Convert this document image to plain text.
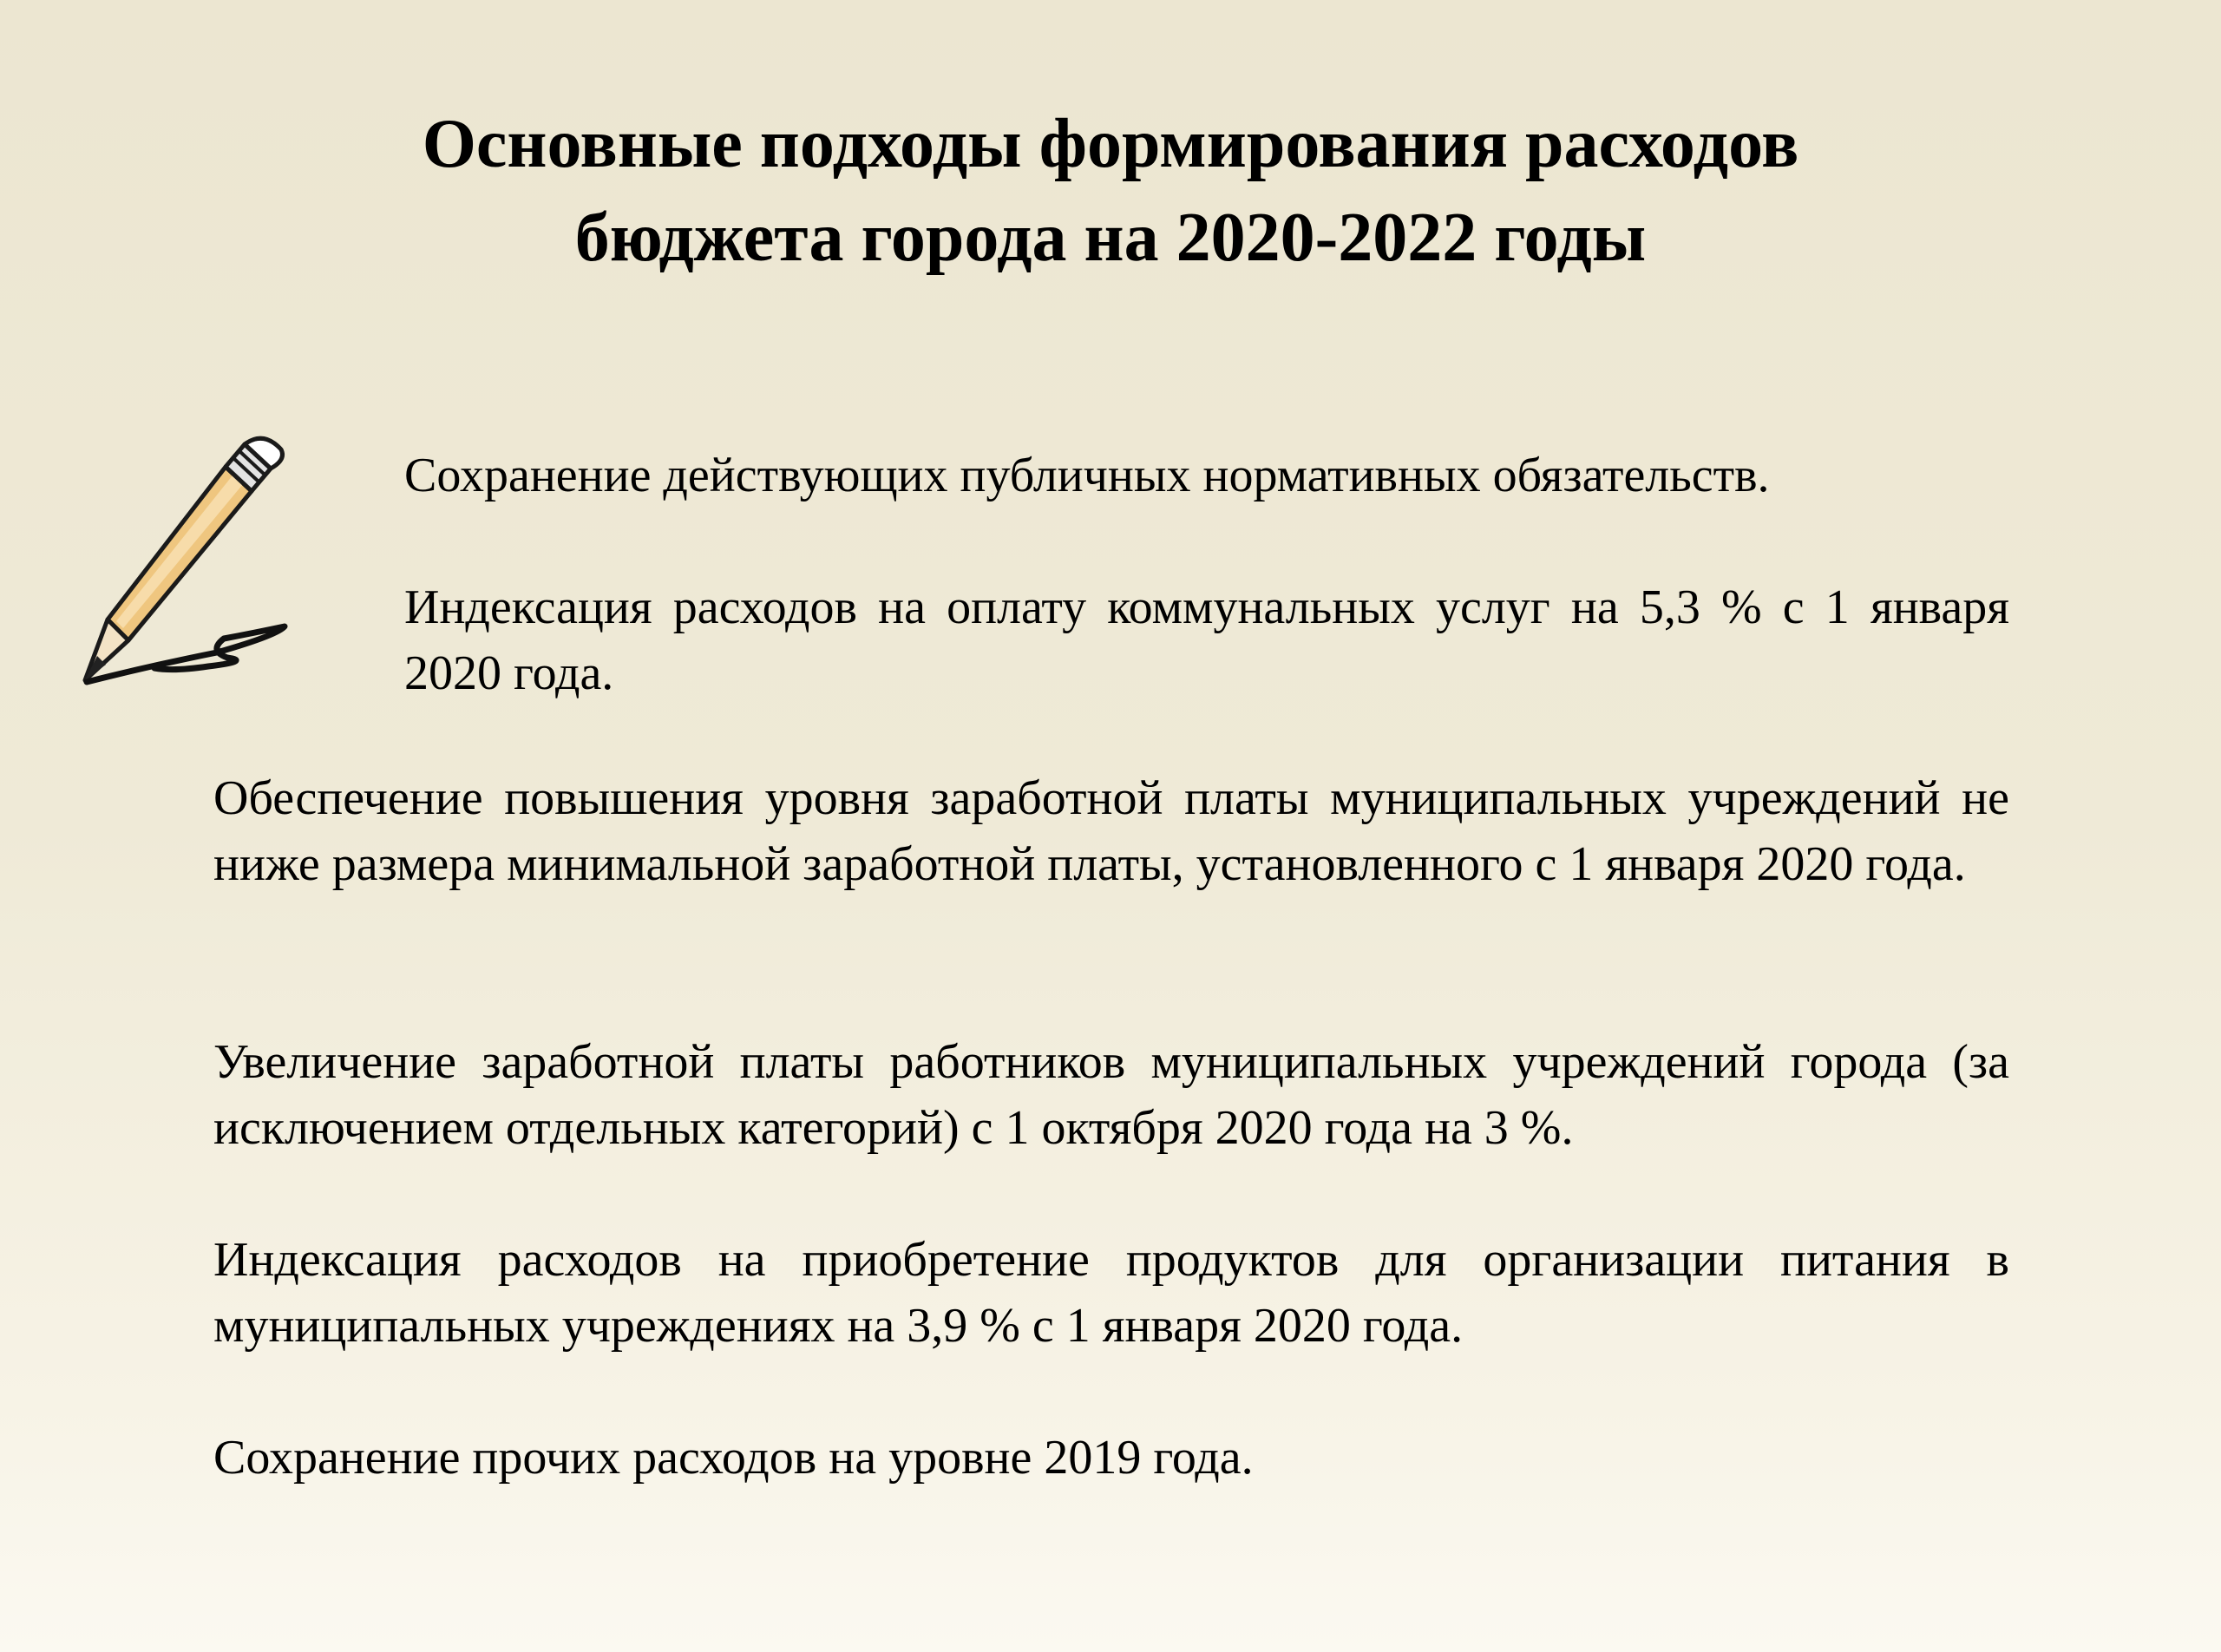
Основные подходы формирования расходов
бюджета города на 2020-2022 годы

Сохранение действующих публичных нормативных обязательств.

Индексация расходов на оплату коммунальных услуг на 5,3 % с 1 января 2020 года.

Обеспечение повышения уровня заработной платы муниципальных учреждений не ниже размера минимальной заработной платы, установленного с 1 января 2020 года.

Увеличение заработной платы работников муниципальных учреждений города (за исключением отдельных категорий) с 1 октября 2020 года на 3 %.

Индексация расходов на приобретение продуктов для организации питания в муниципальных учреждениях на 3,9 % с 1 января 2020 года.

Сохранение прочих расходов на уровне 2019 года.
